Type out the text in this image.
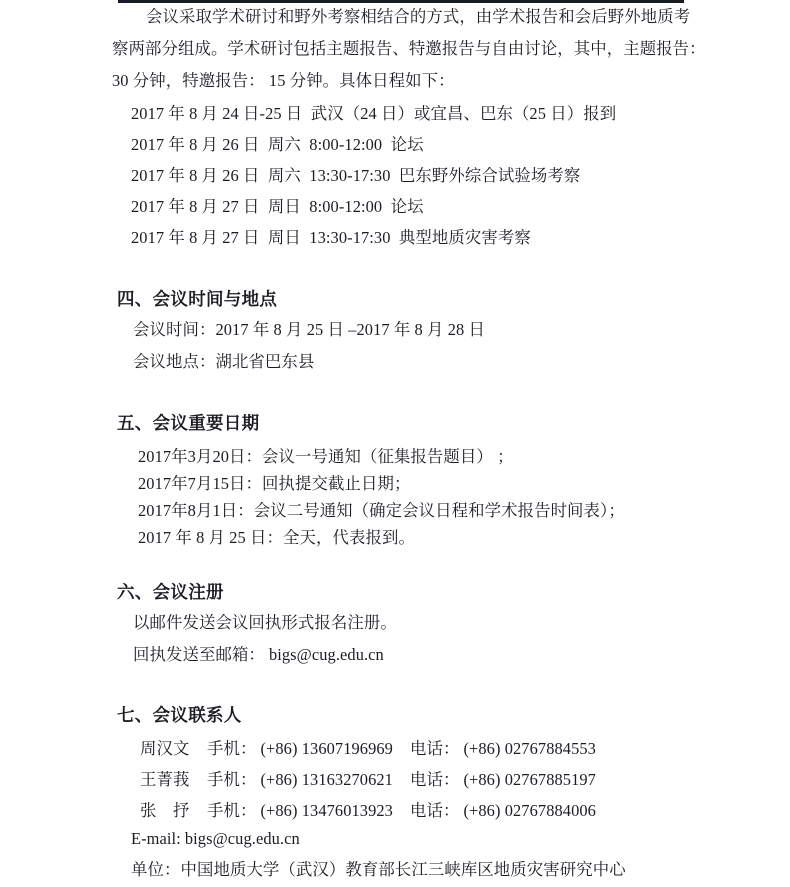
会议采取学术研讨和野外考察相结合的方式，由学术报告和会后野外地质考
察两部分组成。学术研讨包括主题报告、特邀报告与自由讨论，其中，主题报告：
30 分钟，特邀报告： 15 分钟。具体日程如下：
2017 年 8 月 24 日-25 日  武汉（24 日）或宜昌、巴东（25 日）报到
2017 年 8 月 26 日  周六  8:00-12:00  论坛
2017 年 8 月 26 日  周六  13:30-17:30  巴东野外综合试验场考察
2017 年 8 月 27 日  周日  8:00-12:00  论坛
2017 年 8 月 27 日  周日  13:30-17:30  典型地质灾害考察
四、会议时间与地点
会议时间：2017 年 8 月 25 日 –2017 年 8 月 28 日
会议地点：湖北省巴东县
五、会议重要日期
2017年3月20日：会议一号通知（征集报告题目） ；
2017年7月15日：回执提交截止日期；
2017年8月1日：会议二号通知（确定会议日程和学术报告时间表）；
2017 年 8 月 25 日：全天，代表报到。
六、会议注册
以邮件发送会议回执形式报名注册。
回执发送至邮箱： bigs@cug.edu.cn
七、会议联系人
周汉文 手机： (+86) 13607196969 电话： (+86) 02767884553
王菁莪 手机： (+86) 13163270621 电话： (+86) 02767885197
张　抒 手机： (+86) 13476013923 电话： (+86) 02767884006
E-mail: bigs@cug.edu.cn
单位：中国地质大学（武汉）教育部长江三峡库区地质灾害研究中心
